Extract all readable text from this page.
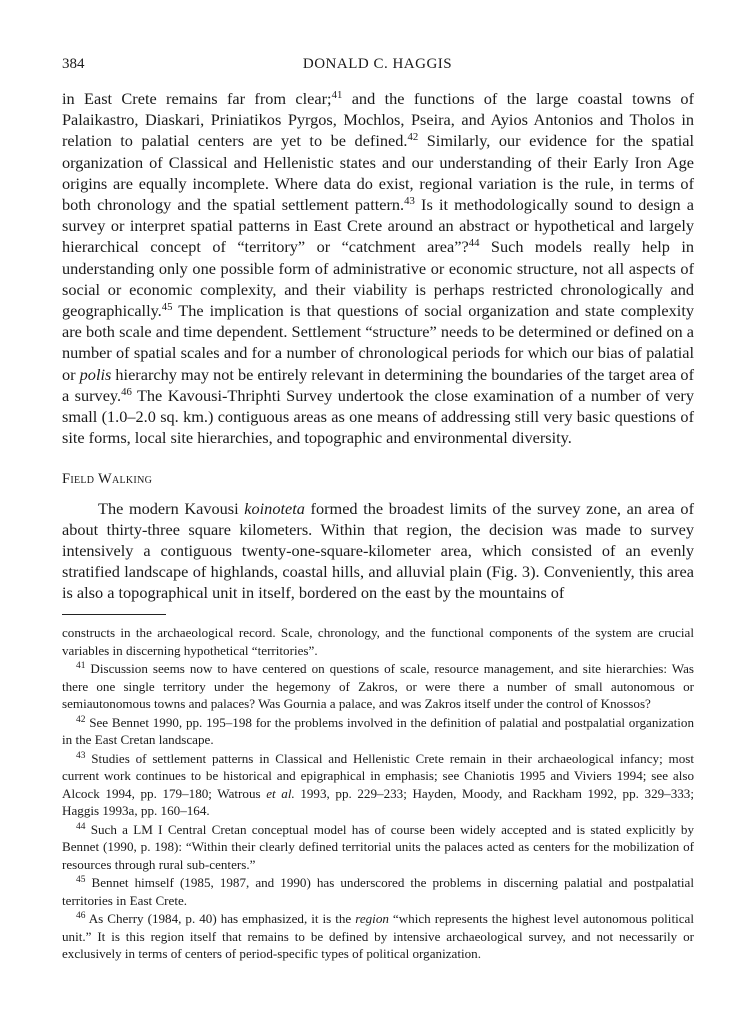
384	DONALD C. HAGGIS

in East Crete remains far from clear;$^{41}$ and the functions of the large coastal towns of Palaikastro, Diaskari, Priniatikos Pyrgos, Mochlos, Pseira, and Ayios Antonios and Tholos in relation to palatial centers are yet to be defined.$^{42}$ Similarly, our evidence for the spatial organization of Classical and Hellenistic states and our understanding of their Early Iron Age origins are equally incomplete. Where data do exist, regional variation is the rule, in terms of both chronology and the spatial settlement pattern.$^{43}$ Is it methodologically sound to design a survey or interpret spatial patterns in East Crete around an abstract or hypothetical and largely hierarchical concept of “territory” or “catchment area”?$^{44}$ Such models really help in understanding only one possible form of administrative or economic structure, not all aspects of social or economic complexity, and their viability is perhaps restricted chronologically and geographically.$^{45}$ The implication is that questions of social organization and state complexity are both scale and time dependent. Settlement “structure” needs to be determined or defined on a number of spatial scales and for a number of chronological periods for which our bias of palatial or polis hierarchy may not be entirely relevant in determining the boundaries of the target area of a survey.$^{46}$ The Kavousi-Thriphti Survey undertook the close examination of a number of very small (1.0–2.0 sq. km.) contiguous areas as one means of addressing still very basic questions of site forms, local site hierarchies, and topographic and environmental diversity.

Field Walking

The modern Kavousi koinoteta formed the broadest limits of the survey zone, an area of about thirty-three square kilometers. Within that region, the decision was made to survey intensively a contiguous twenty-one-square-kilometer area, which consisted of an evenly stratified landscape of highlands, coastal hills, and alluvial plain (Fig. 3). Conveniently, this area is also a topographical unit in itself, bordered on the east by the mountains of

constructs in the archaeological record. Scale, chronology, and the functional components of the system are crucial variables in discerning hypothetical “territories”.

$^{41}$ Discussion seems now to have centered on questions of scale, resource management, and site hierarchies: Was there one single territory under the hegemony of Zakros, or were there a number of small autonomous or semiautonomous towns and palaces? Was Gournia a palace, and was Zakros itself under the control of Knossos?

$^{42}$ See Bennet 1990, pp. 195–198 for the problems involved in the definition of palatial and postpalatial organization in the East Cretan landscape.

$^{43}$ Studies of settlement patterns in Classical and Hellenistic Crete remain in their archaeological infancy; most current work continues to be historical and epigraphical in emphasis; see Chaniotis 1995 and Viviers 1994; see also Alcock 1994, pp. 179–180; Watrous et al. 1993, pp. 229–233; Hayden, Moody, and Rackham 1992, pp. 329–333; Haggis 1993a, pp. 160–164.

$^{44}$ Such a LM I Central Cretan conceptual model has of course been widely accepted and is stated explicitly by Bennet (1990, p. 198): “Within their clearly defined territorial units the palaces acted as centers for the mobilization of resources through rural sub-centers.”

$^{45}$ Bennet himself (1985, 1987, and 1990) has underscored the problems in discerning palatial and postpalatial territories in East Crete.

$^{46}$ As Cherry (1984, p. 40) has emphasized, it is the region “which represents the highest level autonomous political unit.” It is this region itself that remains to be defined by intensive archaeological survey, and not necessarily or exclusively in terms of centers of period-specific types of political organization.
